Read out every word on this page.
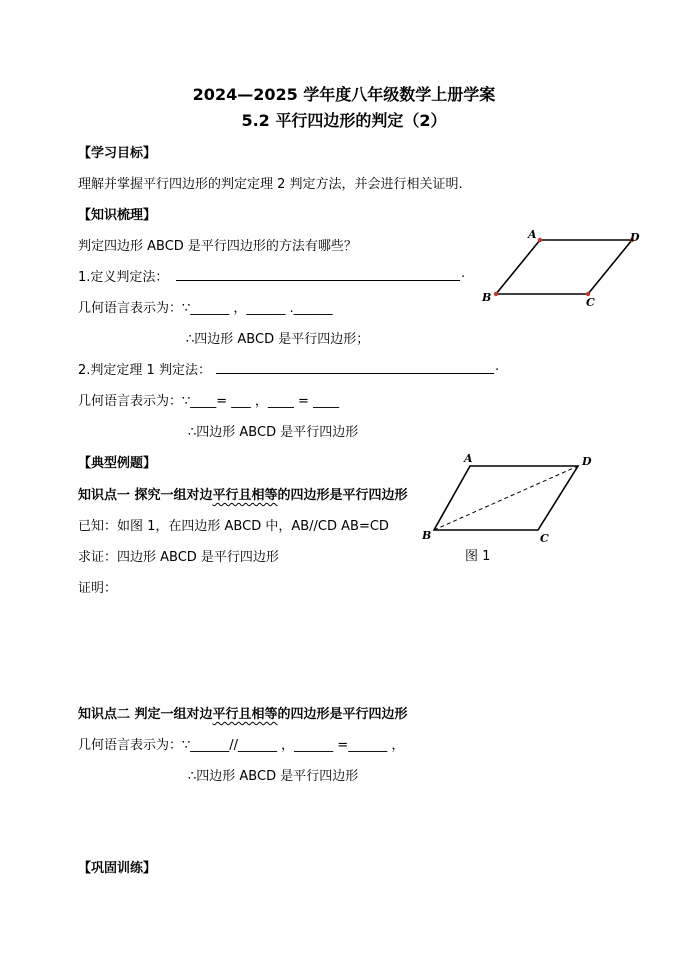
2024—2025 学年度八年级数学上册学案
5.2 平行四边形的判定（2）
【学习目标】
理解并掌握平行四边形的判定定理 2 判定方法，并会进行相关证明.
【知识梳理】
判定四边形 ABCD 是平行四边形的方法有哪些？
1.定义判定法：	.
几何语言表示为：∵______ ，______ .______
∴四边形 ABCD 是平行四边形；
2.判定定理 1 判定法：	.
几何语言表示为：∵____= ___ ，____ = ____
∴四边形 ABCD 是平行四边形
A	D
C
B
【典型例题】
知识点一 探究一组对边平行且相等的四边形是平行四边形
已知：如图 1，在四边形 ABCD 中，AB//CD AB=CD
求证：四边形 ABCD 是平行四边形
证明：
A	D
C
B
图 1
知识点二 判定一组对边平行且相等的四边形是平行四边形
几何语言表示为：∵______//______ ，______ =______ ，
∴四边形 ABCD 是平行四边形
【巩固训练】
